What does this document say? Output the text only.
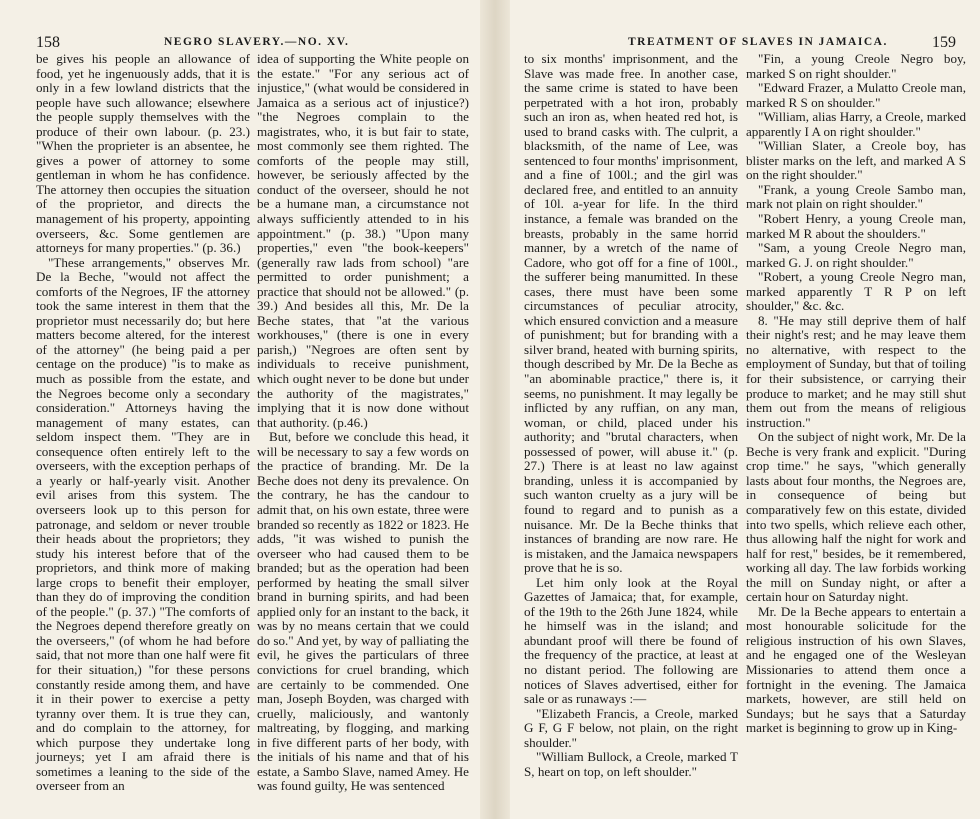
158	NEGRO SLAVERY.—NO. XV.

be gives his people an allowance of food, yet he ingenuously adds, that it is only in a few lowland districts that the people have such allowance; elsewhere the people supply themselves with the produce of their own labour. (p. 23.) "When the proprieter is an absentee, he gives a power of attorney to some gentleman in whom he has confidence. The attorney then occupies the situation of the proprietor, and directs the management of his property, appointing overseers, &c. Some gentlemen are attorneys for many properties." (p. 36.)

"These arrangements," observes Mr. De la Beche, "would not affect the comforts of the Negroes, IF the attorney took the same interest in them that the proprietor must necessarily do; but here matters become altered, for the interest of the attorney" (he being paid a per centage on the produce) "is to make as much as possible from the estate, and the Negroes become only a secondary consideration." Attorneys having the management of many estates, can seldom inspect them. "They are in consequence often entirely left to the overseers, with the exception perhaps of a yearly or half-yearly visit. Another evil arises from this system. The overseers look up to this person for patronage, and seldom or never trouble their heads about the proprietors; they study his interest before that of the proprietors, and think more of making large crops to benefit their employer, than they do of improving the condition of the people." (p. 37.) "The comforts of the Negroes depend therefore greatly on the overseers," (of whom he had before said, that not more than one half were fit for their situation,) "for these persons constantly reside among them, and have it in their power to exercise a petty tyranny over them. It is true they can, and do complain to the attorney, for which purpose they undertake long journeys; yet I am afraid there is sometimes a leaning to the side of the overseer from an

idea of supporting the White people on the estate." "For any serious act of injustice," (what would be considered in Jamaica as a serious act of injustice?) "the Negroes complain to the magistrates, who, it is but fair to state, most commonly see them righted. The comforts of the people may still, however, be seriously affected by the conduct of the overseer, should he not be a humane man, a circumstance not always sufficiently attended to in his appointment." (p. 38.) "Upon many properties," even "the book-keepers" (generally raw lads from school) "are permitted to order punishment; a practice that should not be allowed." (p. 39.) And besides all this, Mr. De la Beche states, that "at the various workhouses," (there is one in every parish,) "Negroes are often sent by individuals to receive punishment, which ought never to be done but under the authority of the magistrates," implying that it is now done without that authority. (p.46.)

But, before we conclude this head, it will be necessary to say a few words on the practice of branding. Mr. De la Beche does not deny its prevalence. On the contrary, he has the candour to admit that, on his own estate, three were branded so recently as 1822 or 1823. He adds, "it was wished to punish the overseer who had caused them to be branded; but as the operation had been performed by heating the small silver brand in burning spirits, and had been applied only for an instant to the back, it was by no means certain that we could do so." And yet, by way of palliating the evil, he gives the particulars of three convictions for cruel branding, which are certainly to be commended. One man, Joseph Boyden, was charged with cruelly, maliciously, and wantonly maltreating, by flogging, and marking in five different parts of her body, with the initials of his name and that of his estate, a Sambo Slave, named Amey. He was found guilty, He was sentenced

TREATMENT OF SLAVES IN JAMAICA.	159

to six months' imprisonment, and the Slave was made free. In another case, the same crime is stated to have been perpetrated with a hot iron, probably such an iron as, when heated red hot, is used to brand casks with. The culprit, a blacksmith, of the name of Lee, was sentenced to four months' imprisonment, and a fine of 100l.; and the girl was declared free, and entitled to an annuity of 10l. a-year for life. In the third instance, a female was branded on the breasts, probably in the same horrid manner, by a wretch of the name of Cadore, who got off for a fine of 100l., the sufferer being manumitted. In these cases, there must have been some circumstances of peculiar atrocity, which ensured conviction and a measure of punishment; but for branding with a silver brand, heated with burning spirits, though described by Mr. De la Beche as "an abominable practice," there is, it seems, no punishment. It may legally be inflicted by any ruffian, on any man, woman, or child, placed under his authority; and "brutal characters, when possessed of power, will abuse it." (p. 27.) There is at least no law against branding, unless it is accompanied by such wanton cruelty as a jury will be found to regard and to punish as a nuisance. Mr. De la Beche thinks that instances of branding are now rare. He is mistaken, and the Jamaica newspapers prove that he is so.

Let him only look at the Royal Gazettes of Jamaica; that, for example, of the 19th to the 26th June 1824, while he himself was in the island; and abundant proof will there be found of the frequency of the practice, at least at no distant period. The following are notices of Slaves advertised, either for sale or as runaways :—

"Elizabeth Francis, a Creole, marked G F, G F below, not plain, on the right shoulder."

"William Bullock, a Creole, marked T S, heart on top, on left shoulder."

"Fin, a young Creole Negro boy, marked S on right shoulder."

"Edward Frazer, a Mulatto Creole man, marked R S on shoulder."

"William, alias Harry, a Creole, marked apparently I A on right shoulder."

"Willian Slater, a Creole boy, has blister marks on the left, and marked A S on the right shoulder."

"Frank, a young Creole Sambo man, mark not plain on right shoulder."

"Robert Henry, a young Creole man, marked M R about the shoulders."

"Sam, a young Creole Negro man, marked G. J. on right shoulder."

"Robert, a young Creole Negro man, marked apparently T R P on left shoulder," &c. &c.

8. "He may still deprive them of half their night's rest; and he may leave them no alternative, with respect to the employment of Sunday, but that of toiling for their subsistence, or carrying their produce to market; and he may still shut them out from the means of religious instruction."

On the subject of night work, Mr. De la Beche is very frank and explicit. "During crop time." he says, "which generally lasts about four months, the Negroes are, in consequence of being but comparatively few on this estate, divided into two spells, which relieve each other, thus allowing half the night for work and half for rest," besides, be it remembered, working all day. The law forbids working the mill on Sunday night, or after a certain hour on Saturday night.

Mr. De la Beche appears to entertain a most honourable solicitude for the religious instruction of his own Slaves, and he engaged one of the Wesleyan Missionaries to attend them once a fortnight in the evening. The Jamaica markets, however, are still held on Sundays; but he says that a Saturday market is beginning to grow up in King-
